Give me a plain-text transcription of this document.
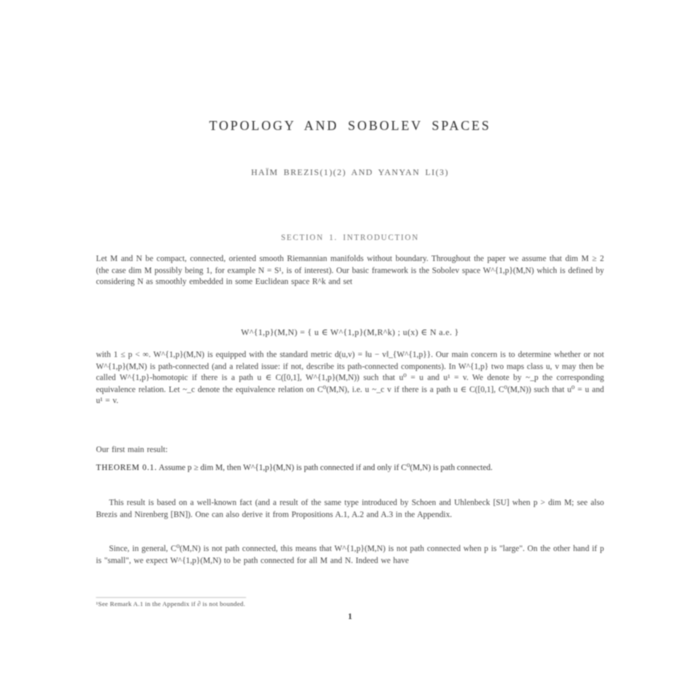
TOPOLOGY AND SOBOLEV SPACES
HAÏM BREZIS(1)(2) AND YANYAN LI(3)
SECTION 1. INTRODUCTION
Let M and N be compact, connected, oriented smooth Riemannian manifolds without boundary. Throughout the paper we assume that dim M ≥ 2 (the case dim M possibly being 1, for example N = S¹, is of interest). Our basic framework is the Sobolev space W^{1,p}(M,N) which is defined by considering N as smoothly embedded in some Euclidean space R^k and set
W^{1,p}(M,N) = { u ∈ W^{1,p}(M,R^k) ; u(x) ∈ N a.e. }
with 1 ≤ p < ∞. W^{1,p}(M,N) is equipped with the standard metric d(u,v) = ‖u − v‖_{W^{1,p}}. Our main concern is to determine whether or not W^{1,p}(M,N) is path-connected (and a related issue: if not, describe its path-connected components). In W^{1,p} two maps class u, v may then be called W^{1,p}-homotopic if there is a path u ∈ C([0,1], W^{1,p}(M,N)) such that u⁰ = u and u¹ = v. We denote by ~_p the corresponding equivalence relation. Let ~_c denote the equivalence relation on C⁰(M,N), i.e. u ~_c v if there is a path u ∈ C([0,1], C⁰(M,N)) such that u⁰ = u and u¹ = v.
Our first main result:
THEOREM 0.1. Assume p ≥ dim M, then W^{1,p}(M,N) is path connected if and only if C⁰(M,N) is path connected.
This result is based on a well-known fact (and a result of the same type introduced by Schoen and Uhlenbeck [SU] when p > dim M; see also Brezis and Nirenberg [BN]). One can also derive it from Propositions A.1, A.2 and A.3 in the Appendix.
Since, in general, C⁰(M,N) is not path connected, this means that W^{1,p}(M,N) is not path connected when p is "large". On the other hand if p is "small", we expect W^{1,p}(M,N) to be path connected for all M and N. Indeed we have
¹See Remark A.1 in the Appendix if ∂ is not bounded.
1
